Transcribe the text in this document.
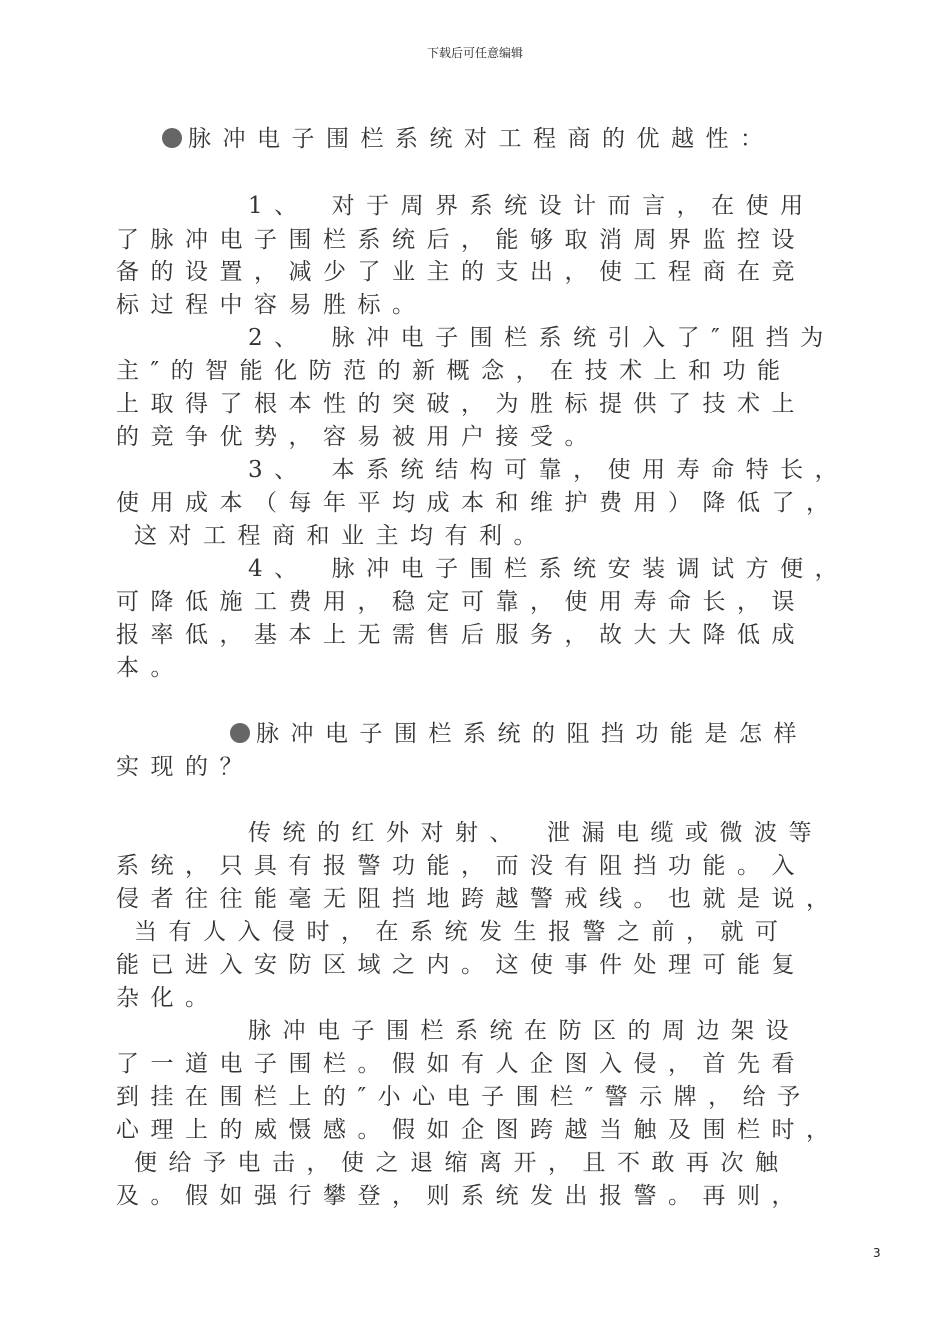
下载后可任意编辑
脉冲电子围栏系统对工程商的优越性：
1、　对于周界系统设计而言，在使用
了脉冲电子围栏系统后，能够取消周界监控设
备的设置，减少了业主的支出，使工程商在竞
标过程中容易胜标。
2、　脉冲电子围栏系统引入了″阻挡为
主″的智能化防范的新概念，在技术上和功能
上取得了根本性的突破，为胜标提供了技术上
的竞争优势，容易被用户接受。
3、　本系统结构可靠，使用寿命特长，
使用成本（每年平均成本和维护费用）降低了，
这对工程商和业主均有利。
4、　脉冲电子围栏系统安装调试方便，
可降低施工费用，稳定可靠，使用寿命长，误
报率低，基本上无需售后服务，故大大降低成
本。
脉冲电子围栏系统的阻挡功能是怎样
实现的？
传统的红外对射、　泄漏电缆或微波等
系统，只具有报警功能，而没有阻挡功能。入
侵者往往能毫无阻挡地跨越警戒线。也就是说，
当有人入侵时，在系统发生报警之前，就可
能已进入安防区域之内。这使事件处理可能复
杂化。
脉冲电子围栏系统在防区的周边架设
了一道电子围栏。假如有人企图入侵，首先看
到挂在围栏上的″小心电子围栏″警示牌，给予
心理上的威慑感。假如企图跨越当触及围栏时，
便给予电击，使之退缩离开，且不敢再次触
及。假如强行攀登，则系统发出报警。再则，
3
